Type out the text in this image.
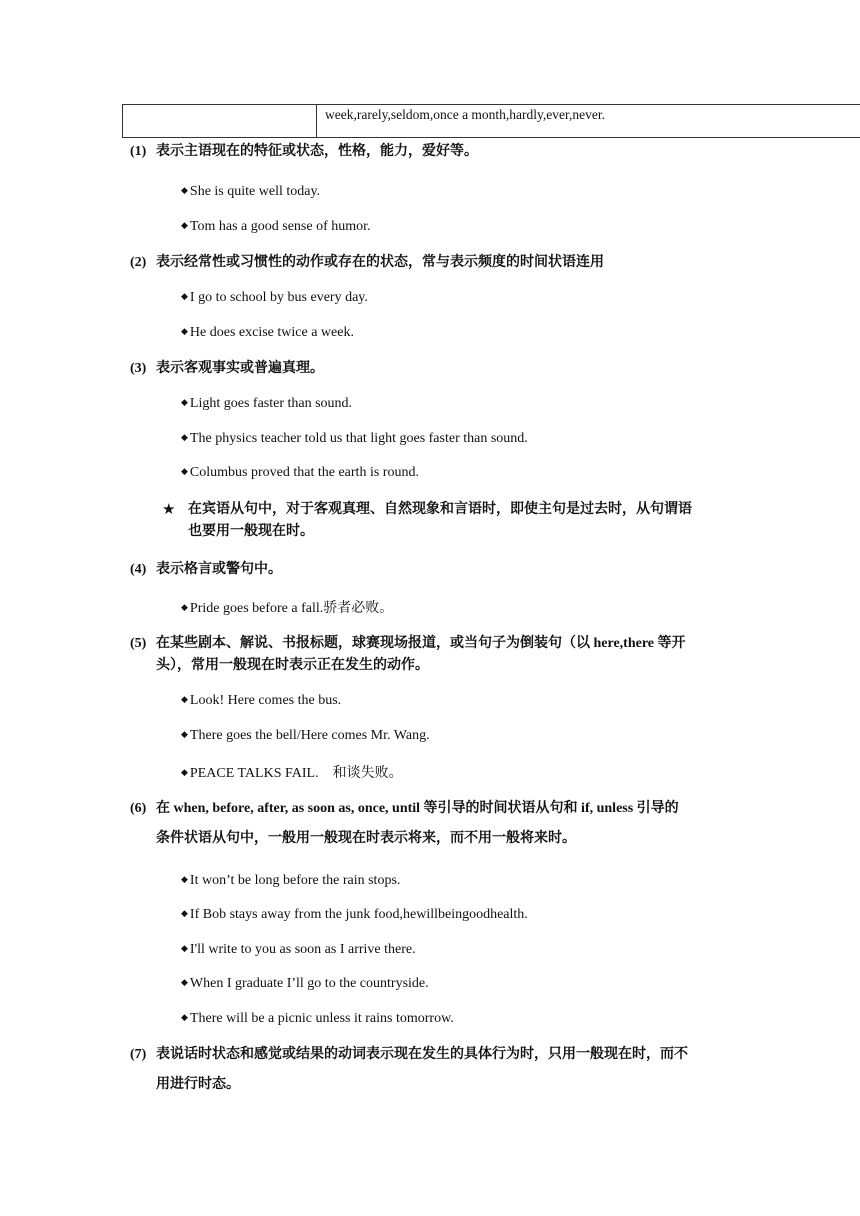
week,rarely,seldom,once a month,hardly,ever,never.
(1) 表示主语现在的特征或状态，性格，能力，爱好等。
◆ She is quite well today.
◆ Tom has a good sense of humor.
(2) 表示经常性或习惯性的动作或存在的状态，常与表示频度的时间状语连用
◆ I go to school by bus every day.
◆ He does excise twice a week.
(3) 表示客观事实或普遍真理。
◆ Light goes faster than sound.
◆ The physics teacher told us that light goes faster than sound.
◆ Columbus proved that the earth is round.
★ 在宾语从句中，对于客观真理、自然现象和言语时，即使主句是过去时，从句谓语
也要用一般现在时。
(4) 表示格言或警句中。
◆ Pride goes before a fall.骄者必败。
(5) 在某些剧本、解说、书报标题，球赛现场报道，或当句子为倒装句（以 here,there 等开
头），常用一般现在时表示正在发生的动作。
◆ Look! Here comes the bus.
◆ There goes the bell/Here comes Mr. Wang.
◆ PEACE TALKS FAIL.    和谈失败。
(6) 在 when, before, after, as soon as, once, until 等引导的时间状语从句和 if, unless 引导的
条件状语从句中，一般用一般现在时表示将来，而不用一般将来时。
◆ It won’t be long before the rain stops.
◆ If Bob stays away from the junk food,hewillbeingoodhealth.
◆ I'll write to you as soon as I arrive there.
◆ When I graduate I’ll go to the countryside.
◆ There will be a picnic unless it rains tomorrow.
(7) 表说话时状态和感觉或结果的动词表示现在发生的具体行为时，只用一般现在时，而不
用进行时态。
